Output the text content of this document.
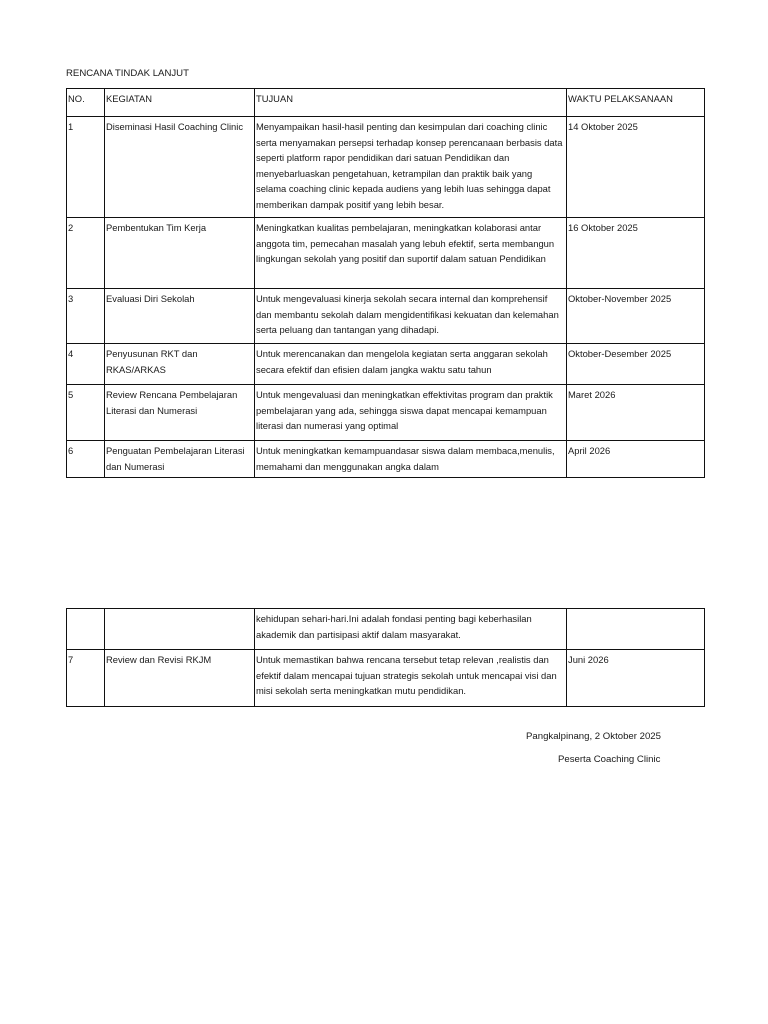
RENCANA TINDAK LANJUT
NO.	KEGIATAN	TUJUAN	WAKTU PELAKSANAAN
1	Diseminasi Hasil Coaching Clinic	Menyampaikan hasil-hasil penting dan kesimpulan dari coaching clinic serta menyamakan persepsi terhadap konsep perencanaan berbasis data seperti platform rapor pendidikan dari satuan Pendidikan dan menyebarluaskan pengetahuan, ketrampilan dan praktik baik yang selama coaching clinic kepada audiens yang lebih luas sehingga dapat memberikan dampak positif yang lebih besar.	14 Oktober 2025
2	Pembentukan Tim Kerja	Meningkatkan kualitas pembelajaran, meningkatkan kolaborasi antar anggota tim, pemecahan masalah yang lebuh efektif, serta membangun lingkungan sekolah yang positif dan suportif dalam satuan Pendidikan	16 Oktober 2025
3	Evaluasi Diri Sekolah	Untuk mengevaluasi kinerja sekolah secara internal dan komprehensif dan membantu sekolah dalam mengidentifikasi kekuatan dan kelemahan serta peluang dan tantangan yang dihadapi.	Oktober-November 2025
4	Penyusunan RKT dan RKAS/ARKAS	Untuk merencanakan dan mengelola kegiatan serta anggaran sekolah secara efektif dan efisien dalam jangka waktu satu tahun	Oktober-Desember 2025
5	Review Rencana Pembelajaran Literasi dan Numerasi	Untuk mengevaluasi dan meningkatkan effektivitas program dan praktik pembelajaran yang ada, sehingga siswa dapat mencapai kemampuan literasi dan numerasi yang optimal	Maret 2026
6	Penguatan Pembelajaran Literasi dan Numerasi	Untuk meningkatkan kemampuandasar siswa dalam membaca,menulis, memahami dan menggunakan angka dalam	April 2026
		kehidupan sehari-hari.Ini adalah fondasi penting bagi keberhasilan akademik dan partisipasi aktif dalam masyarakat.	
7	Review dan Revisi RKJM	Untuk memastikan bahwa rencana tersebut tetap relevan ,realistis dan efektif dalam mencapai tujuan strategis sekolah untuk mencapai visi dan misi sekolah serta meningkatkan mutu pendidikan.	Juni 2026
Pangkalpinang, 2 Oktober 2025
Peserta Coaching Clinic
